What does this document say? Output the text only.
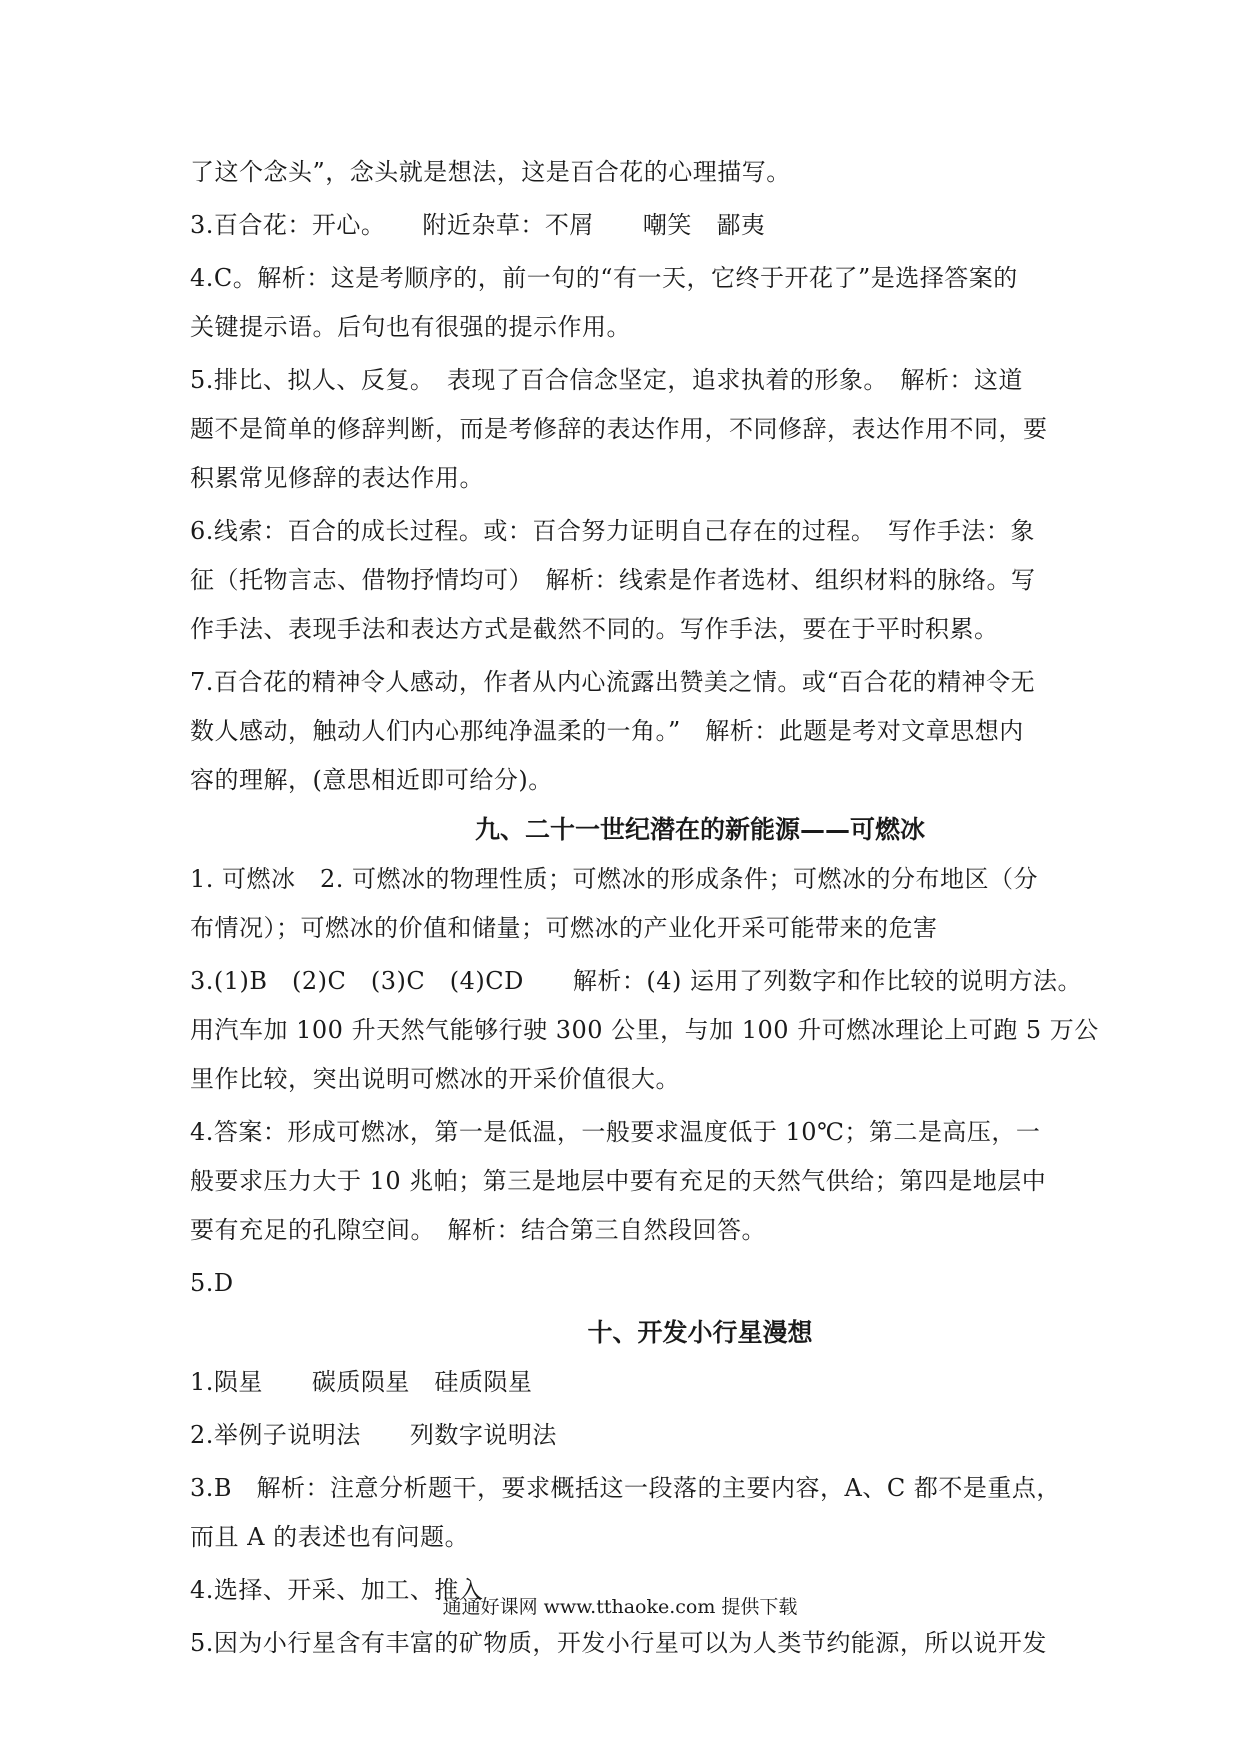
了这个念头”，念头就是想法，这是百合花的心理描写。
3.百合花：开心。　　附近杂草：不屑　　嘲笑　鄙夷
4.C。解析：这是考顺序的，前一句的“有一天，它终于开花了”是选择答案的
关键提示语。后句也有很强的提示作用。
5.排比、拟人、反复。　表现了百合信念坚定，追求执着的形象。　解析：这道
题不是简单的修辞判断，而是考修辞的表达作用，不同修辞，表达作用不同，要
积累常见修辞的表达作用。
6.线索：百合的成长过程。或：百合努力证明自己存在的过程。　写作手法：象
征（托物言志、借物抒情均可）　解析：线索是作者选材、组织材料的脉络。写
作手法、表现手法和表达方式是截然不同的。写作手法，要在于平时积累。
7.百合花的精神令人感动，作者从内心流露出赞美之情。或“百合花的精神令无
数人感动，触动人们内心那纯净温柔的一角。”　解析：此题是考对文章思想内
容的理解，(意思相近即可给分)。
九、二十一世纪潜在的新能源——可燃冰
1. 可燃冰　2. 可燃冰的物理性质；可燃冰的形成条件；可燃冰的分布地区（分
布情况）；可燃冰的价值和储量；可燃冰的产业化开采可能带来的危害
3.(1)B　(2)C　(3)C　(4)CD　　解析：(4) 运用了列数字和作比较的说明方法。
用汽车加 100 升天然气能够行驶 300 公里，与加 100 升可燃冰理论上可跑 5 万公
里作比较，突出说明可燃冰的开采价值很大。
4.答案：形成可燃冰，第一是低温，一般要求温度低于 10℃；第二是高压，一
般要求压力大于 10 兆帕；第三是地层中要有充足的天然气供给；第四是地层中
要有充足的孔隙空间。　解析：结合第三自然段回答。
5.D
十、开发小行星漫想
1.陨星　　碳质陨星　硅质陨星
2.举例子说明法　　列数字说明法
3.B　解析：注意分析题干，要求概括这一段落的主要内容，A、C 都不是重点，
而且 A 的表述也有问题。
4.选择、开采、加工、推入
5.因为小行星含有丰富的矿物质，开发小行星可以为人类节约能源，所以说开发
通通好课网 www.tthaoke.com 提供下载
